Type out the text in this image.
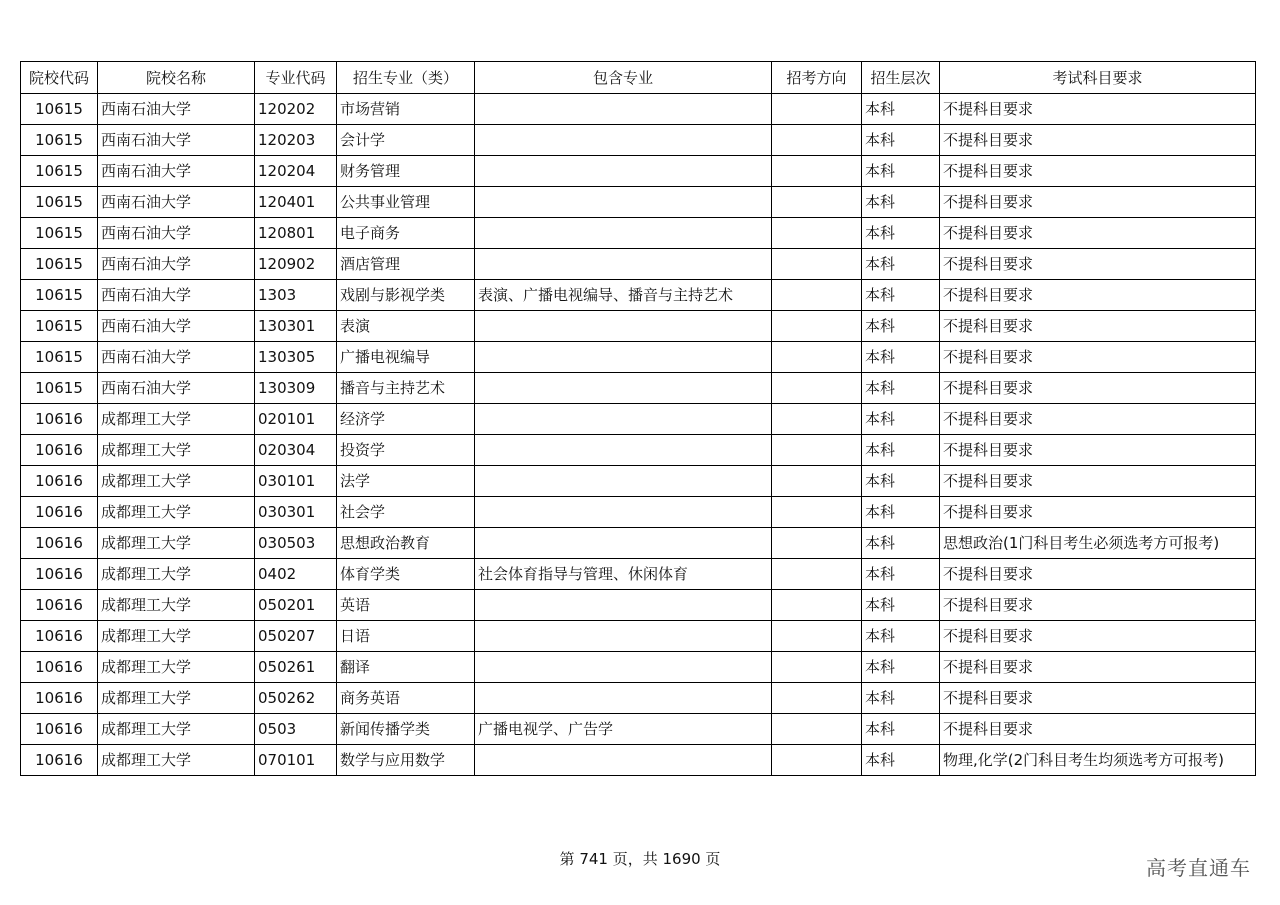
院校代码	院校名称	专业代码	招生专业（类）	包含专业	招考方向	招生层次	考试科目要求
10615	西南石油大学	120202	市场营销			本科	不提科目要求
10615	西南石油大学	120203	会计学			本科	不提科目要求
10615	西南石油大学	120204	财务管理			本科	不提科目要求
10615	西南石油大学	120401	公共事业管理			本科	不提科目要求
10615	西南石油大学	120801	电子商务			本科	不提科目要求
10615	西南石油大学	120902	酒店管理			本科	不提科目要求
10615	西南石油大学	1303	戏剧与影视学类	表演、广播电视编导、播音与主持艺术		本科	不提科目要求
10615	西南石油大学	130301	表演			本科	不提科目要求
10615	西南石油大学	130305	广播电视编导			本科	不提科目要求
10615	西南石油大学	130309	播音与主持艺术			本科	不提科目要求
10616	成都理工大学	020101	经济学			本科	不提科目要求
10616	成都理工大学	020304	投资学			本科	不提科目要求
10616	成都理工大学	030101	法学			本科	不提科目要求
10616	成都理工大学	030301	社会学			本科	不提科目要求
10616	成都理工大学	030503	思想政治教育			本科	思想政治(1门科目考生必须选考方可报考)
10616	成都理工大学	0402	体育学类	社会体育指导与管理、休闲体育		本科	不提科目要求
10616	成都理工大学	050201	英语			本科	不提科目要求
10616	成都理工大学	050207	日语			本科	不提科目要求
10616	成都理工大学	050261	翻译			本科	不提科目要求
10616	成都理工大学	050262	商务英语			本科	不提科目要求
10616	成都理工大学	0503	新闻传播学类	广播电视学、广告学		本科	不提科目要求
10616	成都理工大学	070101	数学与应用数学			本科	物理,化学(2门科目考生均须选考方可报考)
第 741 页，共 1690 页	高考直通车
